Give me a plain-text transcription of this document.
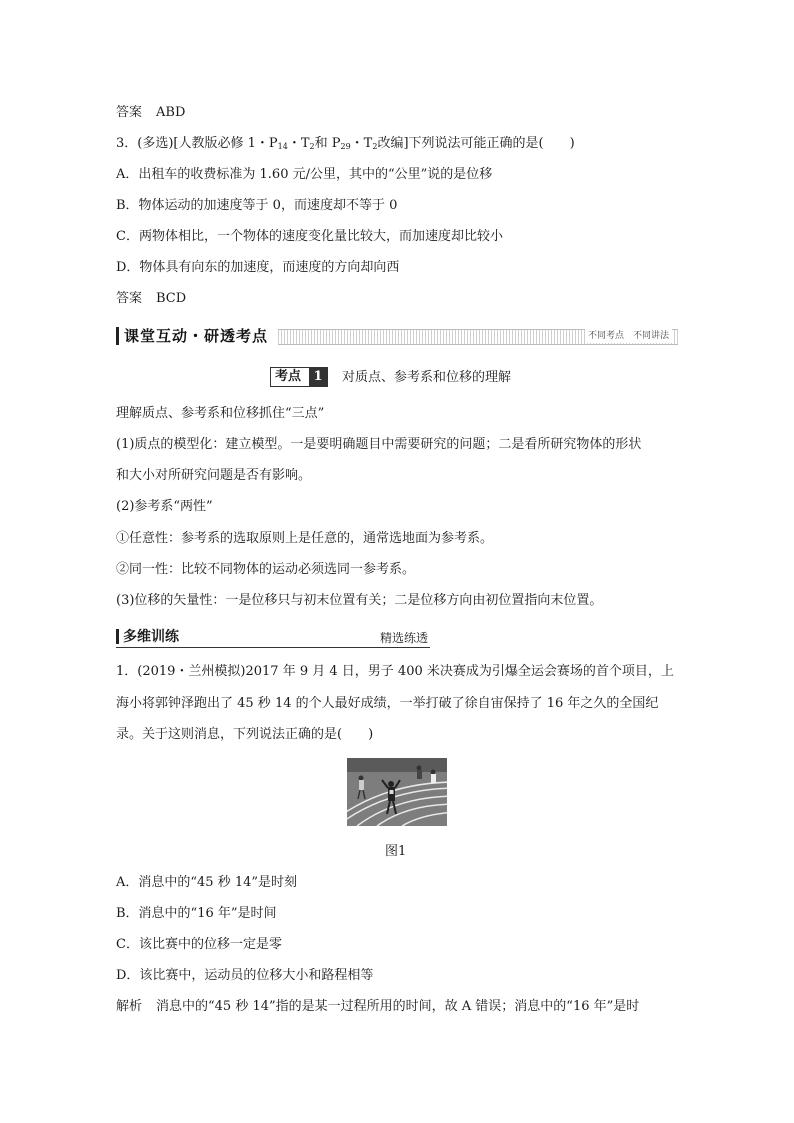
答案 ABD
3．(多选)[人教版必修 1・$P_{14}$・$T_2$和 $P_{29}$・$T_2$改编]下列说法可能正确的是(　　)
A．出租车的收费标准为 1.60 元/公里，其中的“公里”说的是位移
B．物体运动的加速度等于 0，而速度却不等于 0
C．两物体相比，一个物体的速度变化量比较大，而加速度却比较小
D．物体具有向东的加速度，而速度的方向却向西
答案 BCD
课堂互动・研透考点	不同考点　不同讲法
考点 1	对质点、参考系和位移的理解
理解质点、参考系和位移抓住“三点”
(1)质点的模型化：建立模型。一是要明确题目中需要研究的问题；二是看所研究物体的形状
和大小对所研究问题是否有影响。
(2)参考系“两性”
①任意性：参考系的选取原则上是任意的，通常选地面为参考系。
②同一性：比较不同物体的运动必须选同一参考系。
(3)位移的矢量性：一是位移只与初末位置有关；二是位移方向由初位置指向末位置。
多维训练	精选练透
1．(2019・兰州模拟)2017 年 9 月 4 日，男子 400 米决赛成为引爆全运会赛场的首个项目，上
海小将郭钟泽跑出了 45 秒 14 的个人最好成绩，一举打破了徐自宙保持了 16 年之久的全国纪
录。关于这则消息，下列说法正确的是(　　)
图1
A．消息中的“45 秒 14”是时刻
B．消息中的“16 年”是时间
C．该比赛中的位移一定是零
D．该比赛中，运动员的位移大小和路程相等
解析 消息中的“45 秒 14”指的是某一过程所用的时间，故 A 错误；消息中的“16 年”是时
